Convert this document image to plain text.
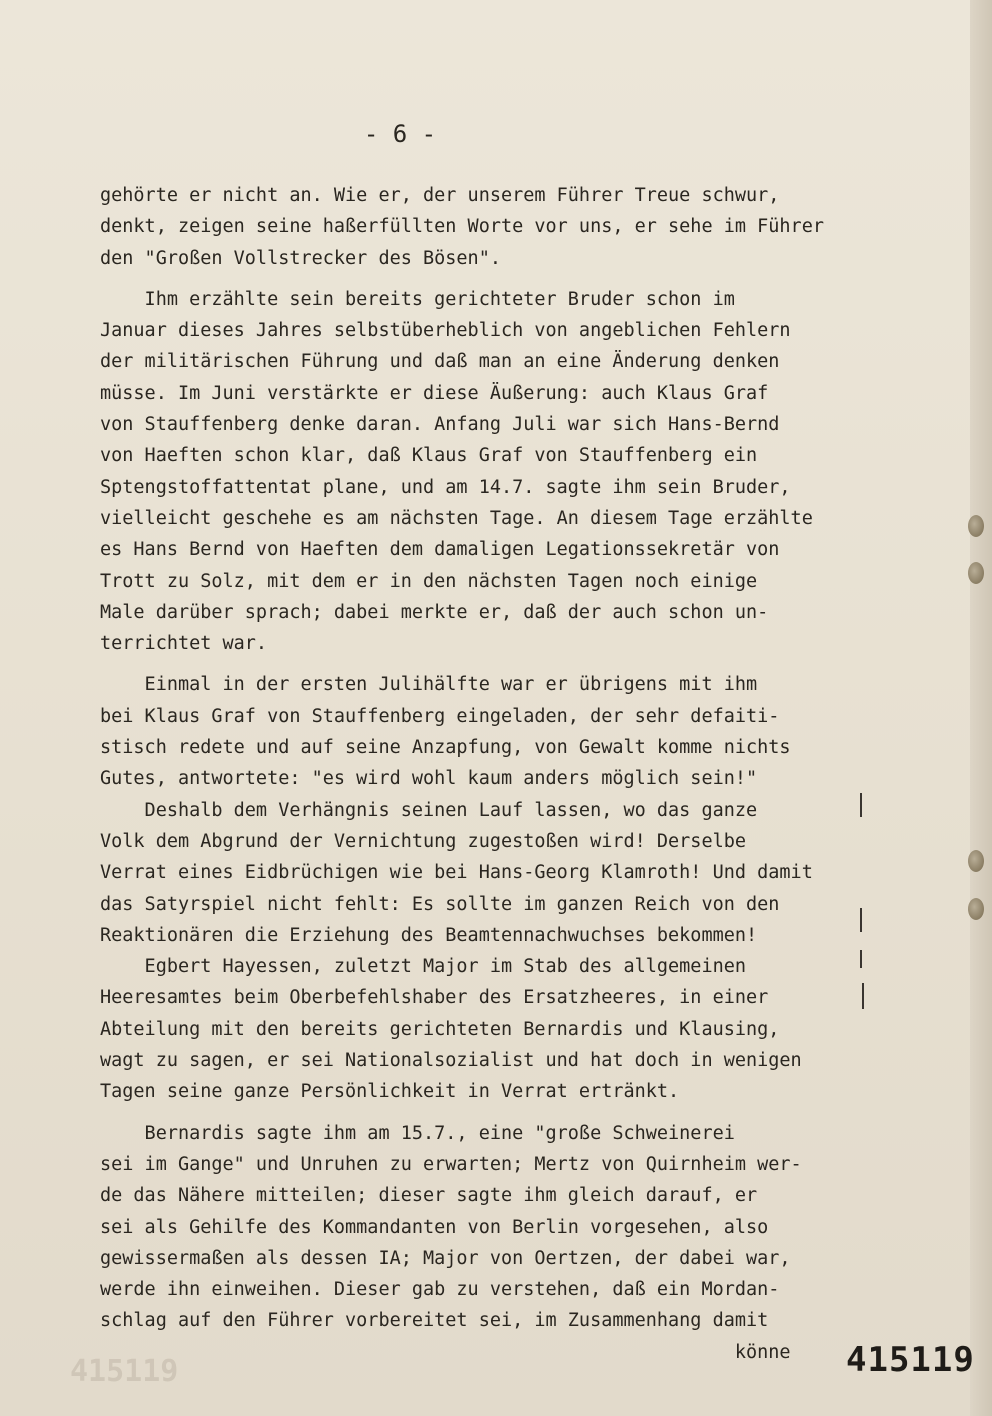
- 6 -
gehörte er nicht an. Wie er, der unserem Führer Treue schwur,
denkt, zeigen seine haßerfüllten Worte vor uns, er sehe im Führer
den "Großen Vollstrecker des Bösen".
Ihm erzählte sein bereits gerichteter Bruder schon im
Januar dieses Jahres selbstüberheblich von angeblichen Fehlern
der militärischen Führung und daß man an eine Änderung denken
müsse. Im Juni verstärkte er diese Äußerung: auch Klaus Graf
von Stauffenberg denke daran. Anfang Juli war sich Hans-Bernd
von Haeften schon klar, daß Klaus Graf von Stauffenberg ein
Sptengstoffattentat plane, und am 14.7. sagte ihm sein Bruder,
vielleicht geschehe es am nächsten Tage. An diesem Tage erzählte
es Hans Bernd von Haeften dem damaligen Legationssekretär von
Trott zu Solz, mit dem er in den nächsten Tagen noch einige
Male darüber sprach; dabei merkte er, daß der auch schon un-
terrichtet war.
Einmal in der ersten Julihälfte war er übrigens mit ihm
bei Klaus Graf von Stauffenberg eingeladen, der sehr defaiti-
stisch redete und auf seine Anzapfung, von Gewalt komme nichts
Gutes, antwortete: "es wird wohl kaum anders möglich sein!"
Deshalb dem Verhängnis seinen Lauf lassen, wo das ganze
Volk dem Abgrund der Vernichtung zugestoßen wird! Derselbe
Verrat eines Eidbrüchigen wie bei Hans-Georg Klamroth! Und damit
das Satyrspiel nicht fehlt: Es sollte im ganzen Reich von den
Reaktionären die Erziehung des Beamtennachwuchses bekommen!
Egbert Hayessen, zuletzt Major im Stab des allgemeinen
Heeresamtes beim Oberbefehlshaber des Ersatzheeres, in einer
Abteilung mit den bereits gerichteten Bernardis und Klausing,
wagt zu sagen, er sei Nationalsozialist und hat doch in wenigen
Tagen seine ganze Persönlichkeit in Verrat ertränkt.
Bernardis sagte ihm am 15.7., eine "große Schweinerei
sei im Gange" und Unruhen zu erwarten; Mertz von Quirnheim wer-
de das Nähere mitteilen; dieser sagte ihm gleich darauf, er
sei als Gehilfe des Kommandanten von Berlin vorgesehen, also
gewissermaßen als dessen IA; Major von Oertzen, der dabei war,
werde ihn einweihen. Dieser gab zu verstehen, daß ein Mordan-
schlag auf den Führer vorbereitet sei, im Zusammenhang damit
könne
415119	415119
